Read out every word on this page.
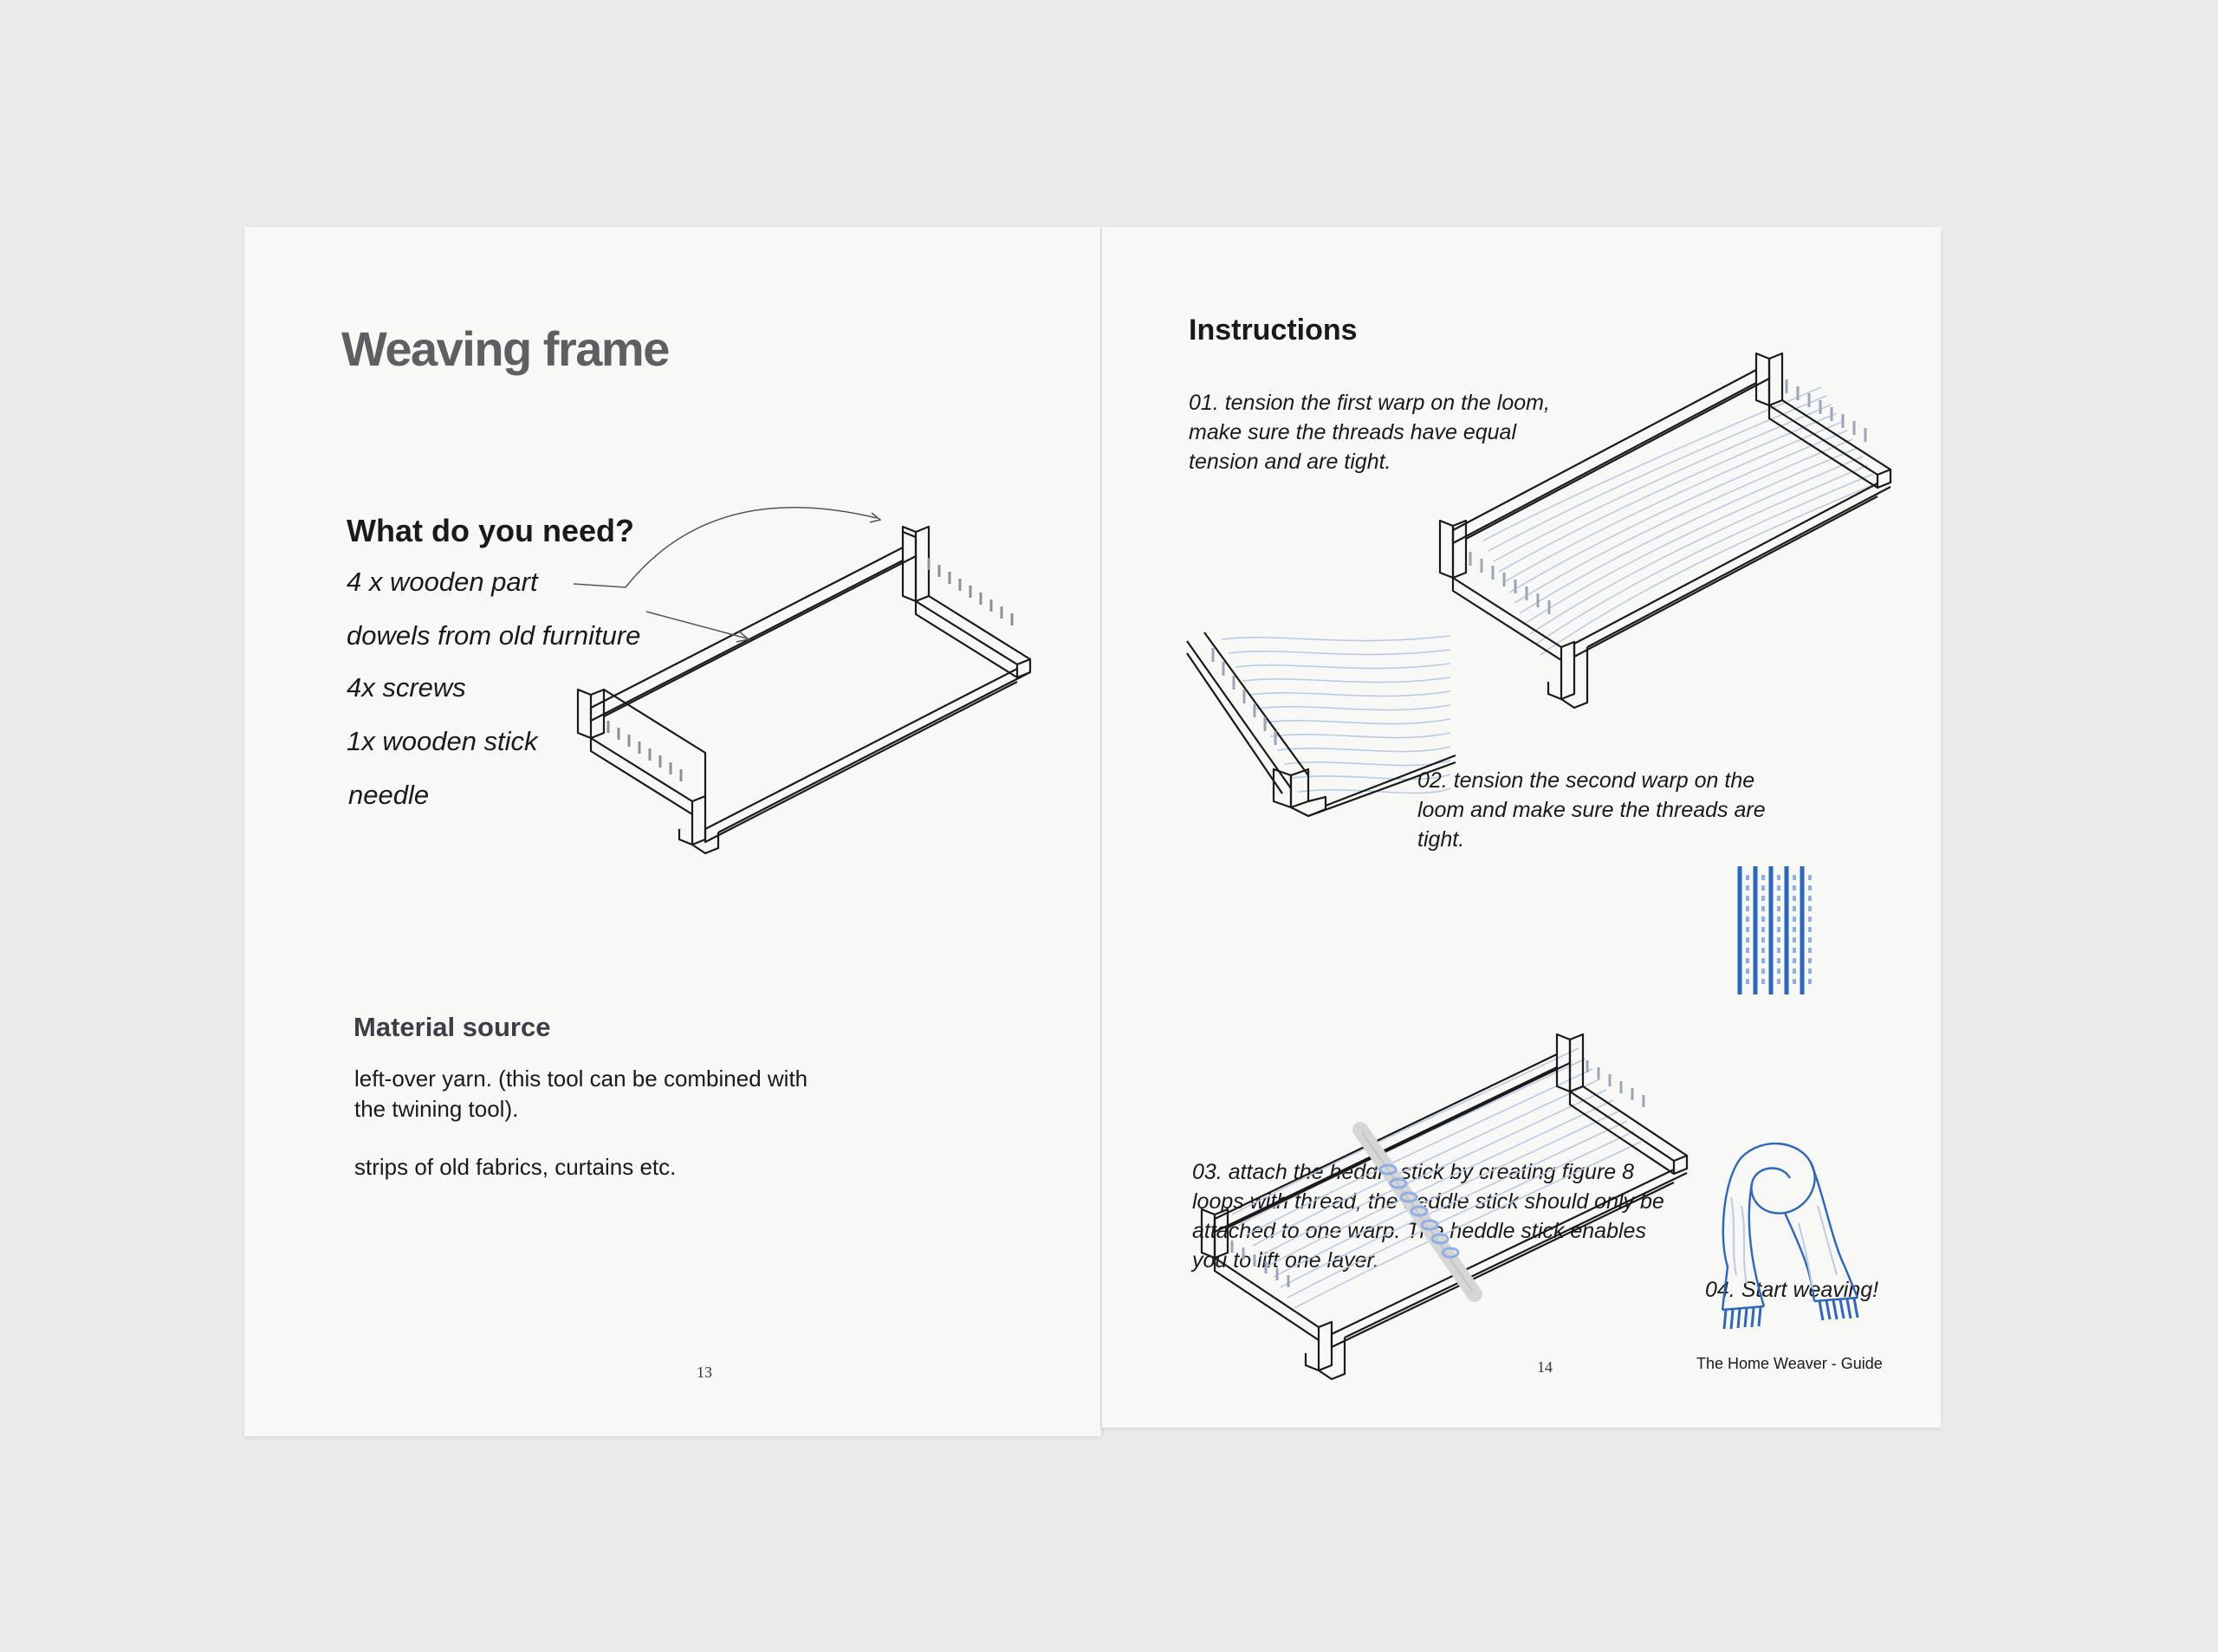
Weaving frame
What do you need?

4 x wooden part

dowels from old furniture

4x screws

1x wooden stick

needle

Material source

left-over yarn. (this tool can be combined with the twining tool).

strips of old fabrics, curtains etc.

13

Instructions

01. tension the first warp on the loom, make sure the threads have equal tension and are tight.

02. tension the second warp on the loom and make sure the threads are tight.

03. attach the heddle stick by creating figure 8 loops with thread, the heddle stick should only be attached to one warp. The heddle stick enables you to lift one layer.

04. Start weaving!

14	The Home Weaver - Guide
